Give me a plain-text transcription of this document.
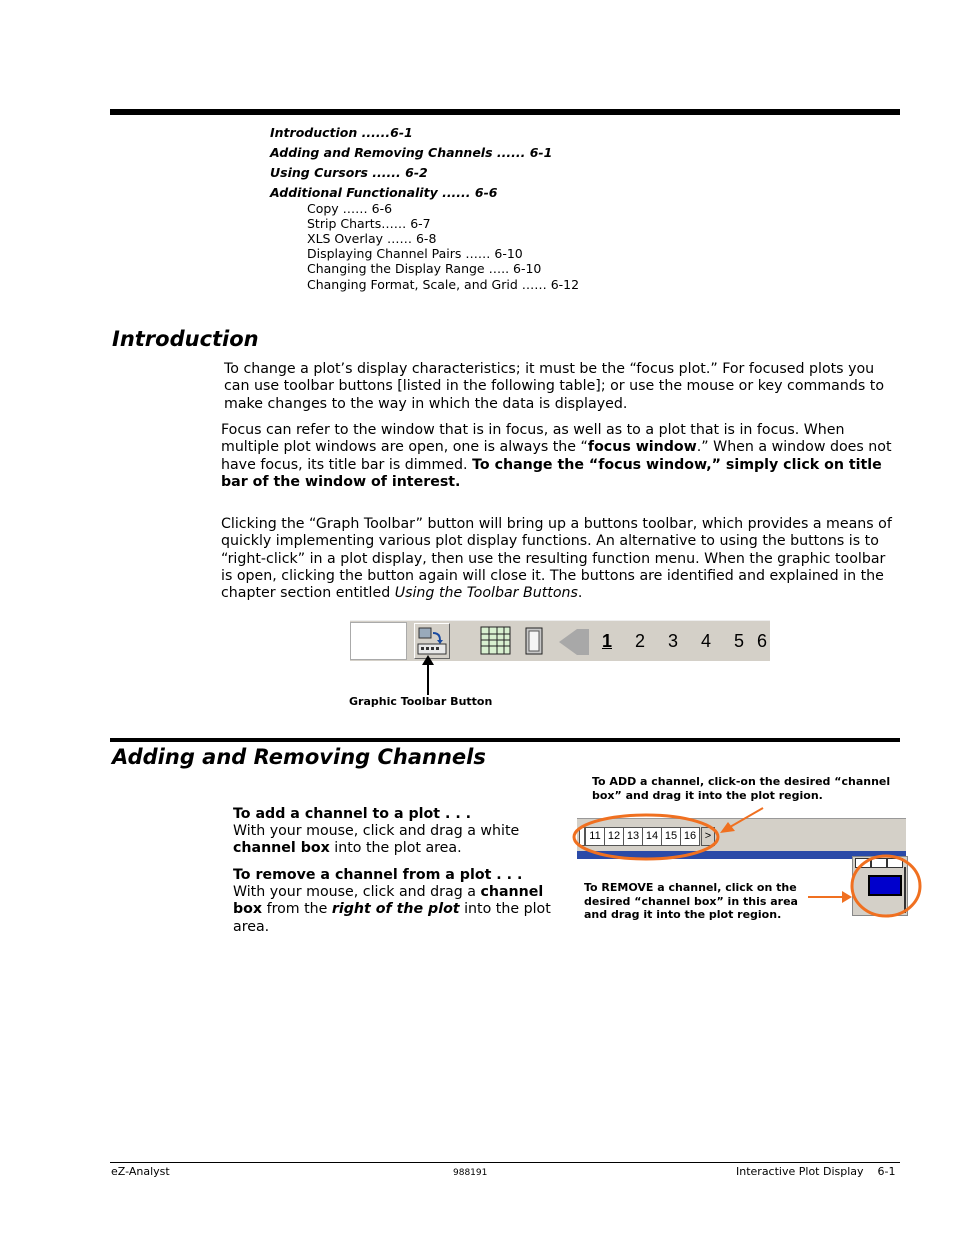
Introduction ......6-1
Adding and Removing Channels ...... 6-1
Using Cursors ...... 6-2
Additional Functionality ...... 6-6
Copy …… 6-6
Strip Charts…… 6-7
XLS Overlay …… 6-8
Displaying Channel Pairs …… 6-10
Changing the Display Range ….. 6-10
Changing Format, Scale, and Grid …… 6-12
Introduction

To change a plot’s display characteristics; it must be the “focus plot.” For focused plots you can use toolbar buttons [listed in the following table]; or use the mouse or key commands to make changes to the way in which the data is displayed.

Focus can refer to the window that is in focus, as well as to a plot that is in focus. When multiple plot windows are open, one is always the “focus window.” When a window does not have focus, its title bar is dimmed. To change the “focus window,” simply click on title bar of the window of interest.

Clicking the “Graph Toolbar” button will bring up a buttons toolbar, which provides a means of quickly implementing various plot display functions. An alternative to using the buttons is to “right-click” in a plot display, then use the resulting function menu. When the graphic toolbar is open, clicking the button again will close it. The buttons are identified and explained in the chapter section entitled Using the Toolbar Buttons.

1	2	3	4	5 6
Graphic Toolbar Button
Adding and Removing Channels
To add a channel to a plot . . .

With your mouse, click and drag a white channel box into the plot area.

To remove a channel from a plot . . .

With your mouse, click and drag a channel box from the right of the plot into the plot area.

To ADD a channel, click-on the desired “channel box” and drag it into the plot region.
To REMOVE a channel, click on the desired “channel box” in this area and drag it into the plot region.
11 12 13 14 15 16 >
eZ-Analyst	988191	Interactive Plot Display    6-1
